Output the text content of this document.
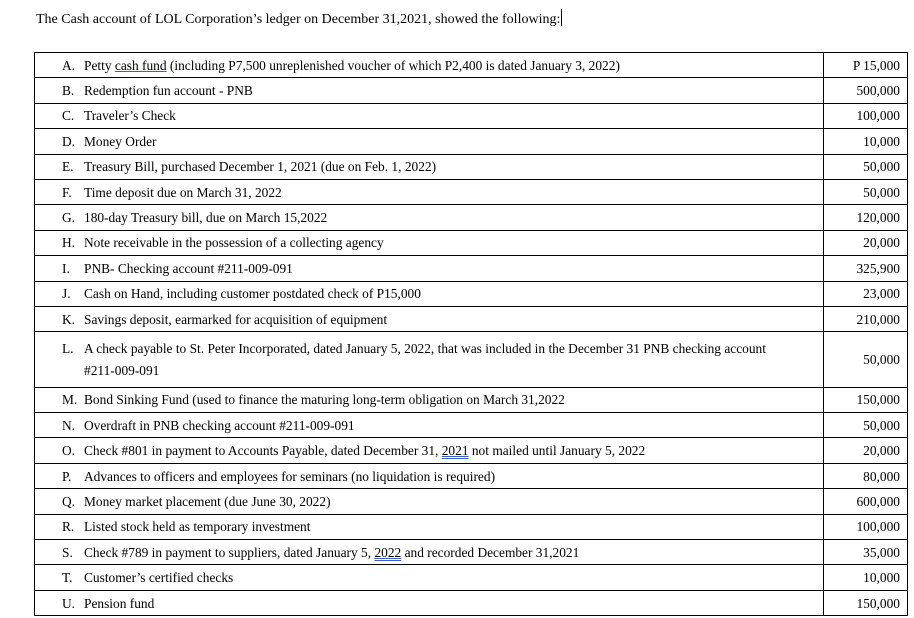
The Cash account of LOL Corporation’s ledger on December 31,2021, showed the following:
A. Petty cash fund (including P7,500 unreplenished voucher of which P2,400 is dated January 3, 2022)	P 15,000
B. Redemption fun account - PNB	500,000
C. Traveler’s Check	100,000
D. Money Order	10,000
E. Treasury Bill, purchased December 1, 2021 (due on Feb. 1, 2022)	50,000
F. Time deposit due on March 31, 2022	50,000
G. 180-day Treasury bill, due on March 15,2022	120,000
H. Note receivable in the possession of a collecting agency	20,000
I. PNB- Checking account #211-009-091	325,900
J. Cash on Hand, including customer postdated check of P15,000	23,000
K. Savings deposit, earmarked for acquisition of equipment	210,000
L. A check payable to St. Peter Incorporated, dated January 5, 2022, that was included in the December 31 PNB checking account
#211-009-091	50,000
M. Bond Sinking Fund (used to finance the maturing long-term obligation on March 31,2022	150,000
N. Overdraft in PNB checking account #211-009-091	50,000
O. Check #801 in payment to Accounts Payable, dated December 31, 2021 not mailed until January 5, 2022	20,000
P. Advances to officers and employees for seminars (no liquidation is required)	80,000
Q. Money market placement (due June 30, 2022)	600,000
R. Listed stock held as temporary investment	100,000
S. Check #789 in payment to suppliers, dated January 5, 2022 and recorded December 31,2021	35,000
T. Customer’s certified checks	10,000
U. Pension fund	150,000
